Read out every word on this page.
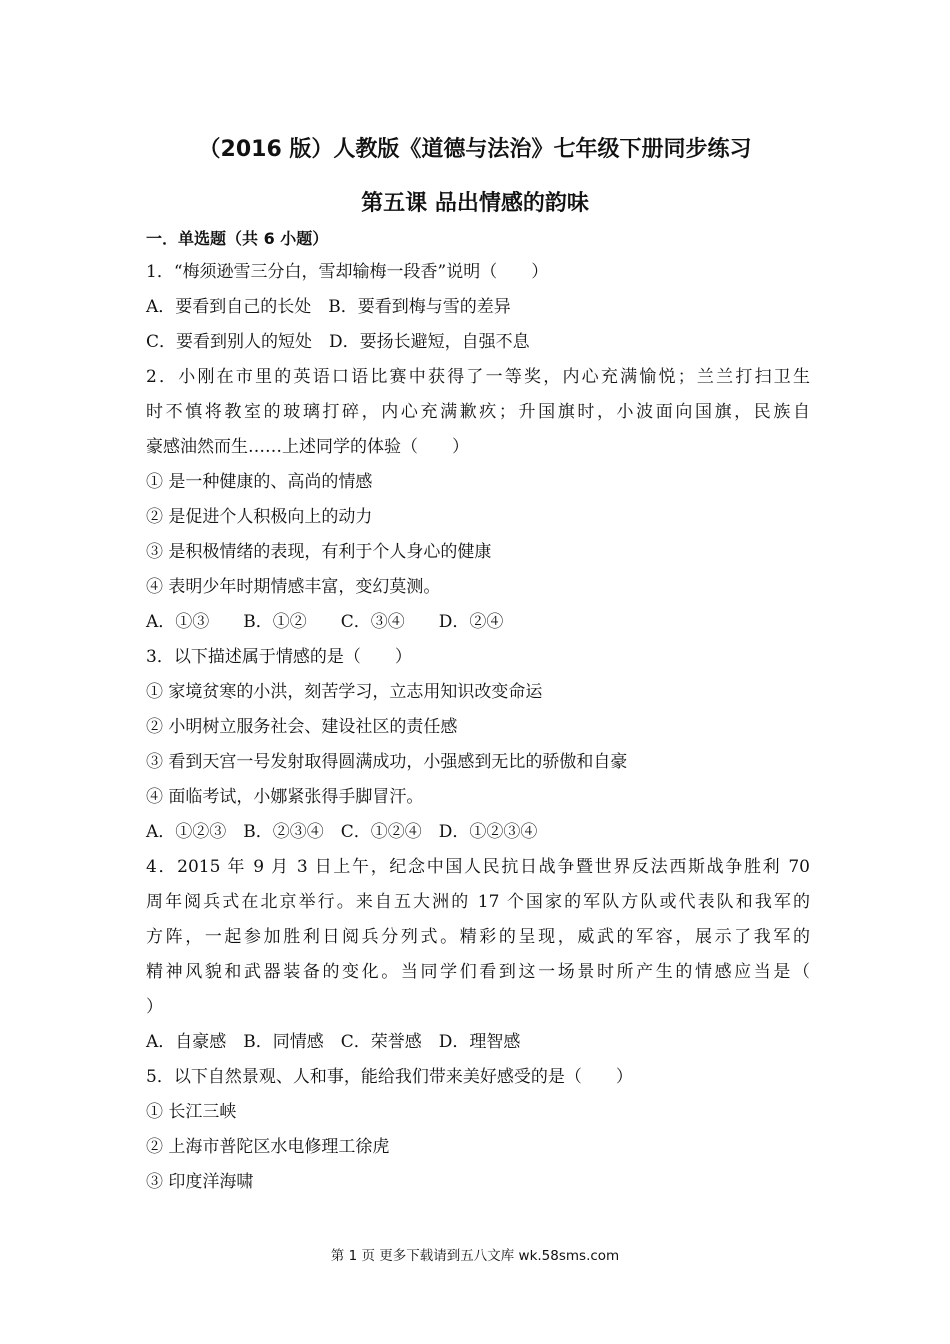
（2016 版）人教版《道德与法治》七年级下册同步练习
第五课 品出情感的韵味
一．单选题（共 6 小题）
1．“梅须逊雪三分白，雪却输梅一段香”说明（　　）
A．要看到自己的长处　B．要看到梅与雪的差异
C．要看到别人的短处　D．要扬长避短，自强不息
2．小刚在市里的英语口语比赛中获得了一等奖，内心充满愉悦；兰兰打扫卫生
时不慎将教室的玻璃打碎，内心充满歉疚；升国旗时，小波面向国旗，民族自
豪感油然而生……上述同学的体验（　　）
① 是一种健康的、高尚的情感
② 是促进个人积极向上的动力
③ 是积极情绪的表现，有利于个人身心的健康
④ 表明少年时期情感丰富，变幻莫测。
A．①③　　B．①②　　C．③④　　D．②④
3．以下描述属于情感的是（　　）
① 家境贫寒的小洪，刻苦学习，立志用知识改变命运
② 小明树立服务社会、建设社区的责任感
③ 看到天宫一号发射取得圆满成功，小强感到无比的骄傲和自豪
④ 面临考试，小娜紧张得手脚冒汗。
A．①②③　B．②③④　C．①②④　D．①②③④
4．2015 年 9 月 3 日上午，纪念中国人民抗日战争暨世界反法西斯战争胜利 70
周年阅兵式在北京举行。来自五大洲的 17 个国家的军队方队或代表队和我军的
方阵，一起参加胜利日阅兵分列式。精彩的呈现，威武的军容，展示了我军的
精神风貌和武器装备的变化。当同学们看到这一场景时所产生的情感应当是（
）
A．自豪感　B．同情感　C．荣誉感　D．理智感
5．以下自然景观、人和事，能给我们带来美好感受的是（　　）
① 长江三峡
② 上海市普陀区水电修理工徐虎
③ 印度洋海啸
第 1 页 更多下载请到五八文库 wk.58sms.com
